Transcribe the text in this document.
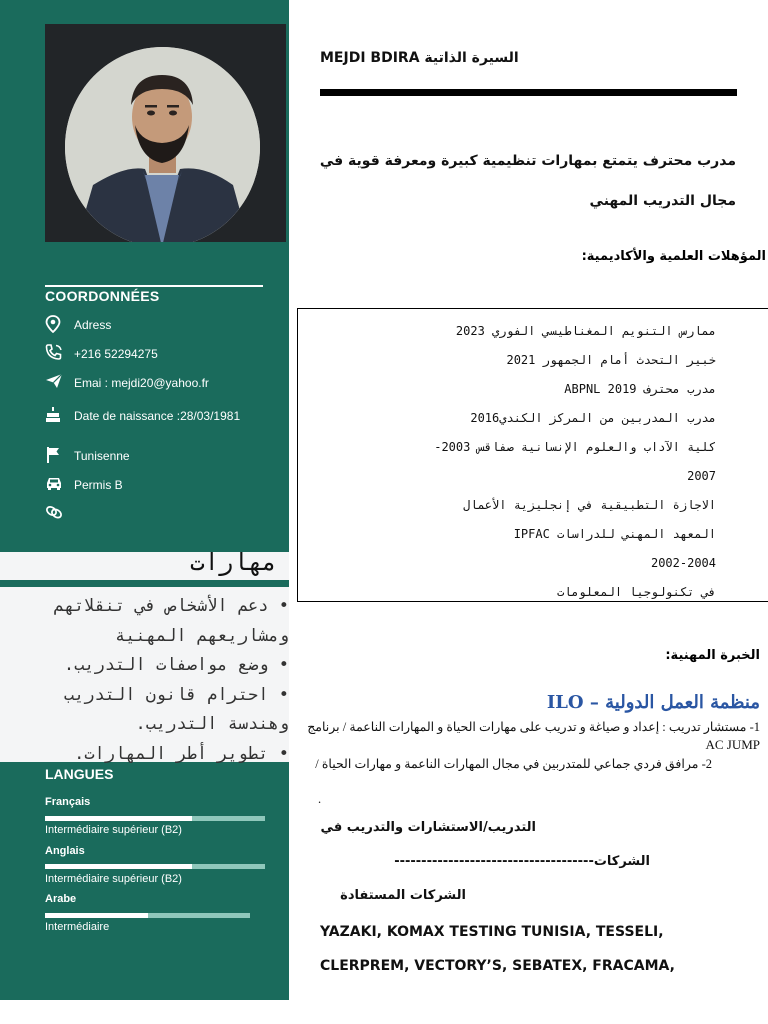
COORDONNÉES
Adress
+216 52294275
Emai : mejdi20@yahoo.fr
Date de naissance :28/03/1981
Tunisenne
Permis B
مهارات
• دعم الأشخاص في تنقلاتهم ومشاريعهم المهنية
• وضع مواصفات التدريب.
• احترام قانون التدريب وهندسة التدريب.
• تطوير أطر المهارات.
LANGUES
Français
Intermédiaire supérieur (B2)
Anglais
Intermédiaire supérieur (B2)
Arabe
Intermédiaire
MEJDI BDIRA السيرة الذاتية
مدرب محترف يتمتع بمهارات تنظيمية كبيرة ومعرفة قوية في مجال التدريب المهني
المؤهلات العلمية والأكاديمية:
ممارس التنويم المغناطيسي الفوري 2023
خبير التحدث أمام الجمهور 2021
مدرب محترف ABPNL 2019
مدرب المدربين من المركز الكندي2016
كلية الآداب والعلوم الإنسانية صفاقس 2003-
2007
الاجازة التطبيقية في إنجليزية الأعمال
المعهد المهني للدراسات IPFAC
2002-2004
في تكنولوجيا المعلومات
الخبرة المهنية:
منظمة العمل الدولية – ILO
1- مستشار تدريب : إعداد و صياغة و تدريب على مهارات الحياة و المهارات الناعمة / برنامج
AC JUMP
2- مرافق فردي جماعي للمتدربين في مجال المهارات الناعمة و مهارات الحياة /
.
التدريب/الاستشارات والتدريب في
الشركات-------------------------------------
الشركات المستفادة
YAZAKI, KOMAX TESTING TUNISIA, TESSELI,
CLERPREM, VECTORY’S, SEBATEX, FRACAMA,
